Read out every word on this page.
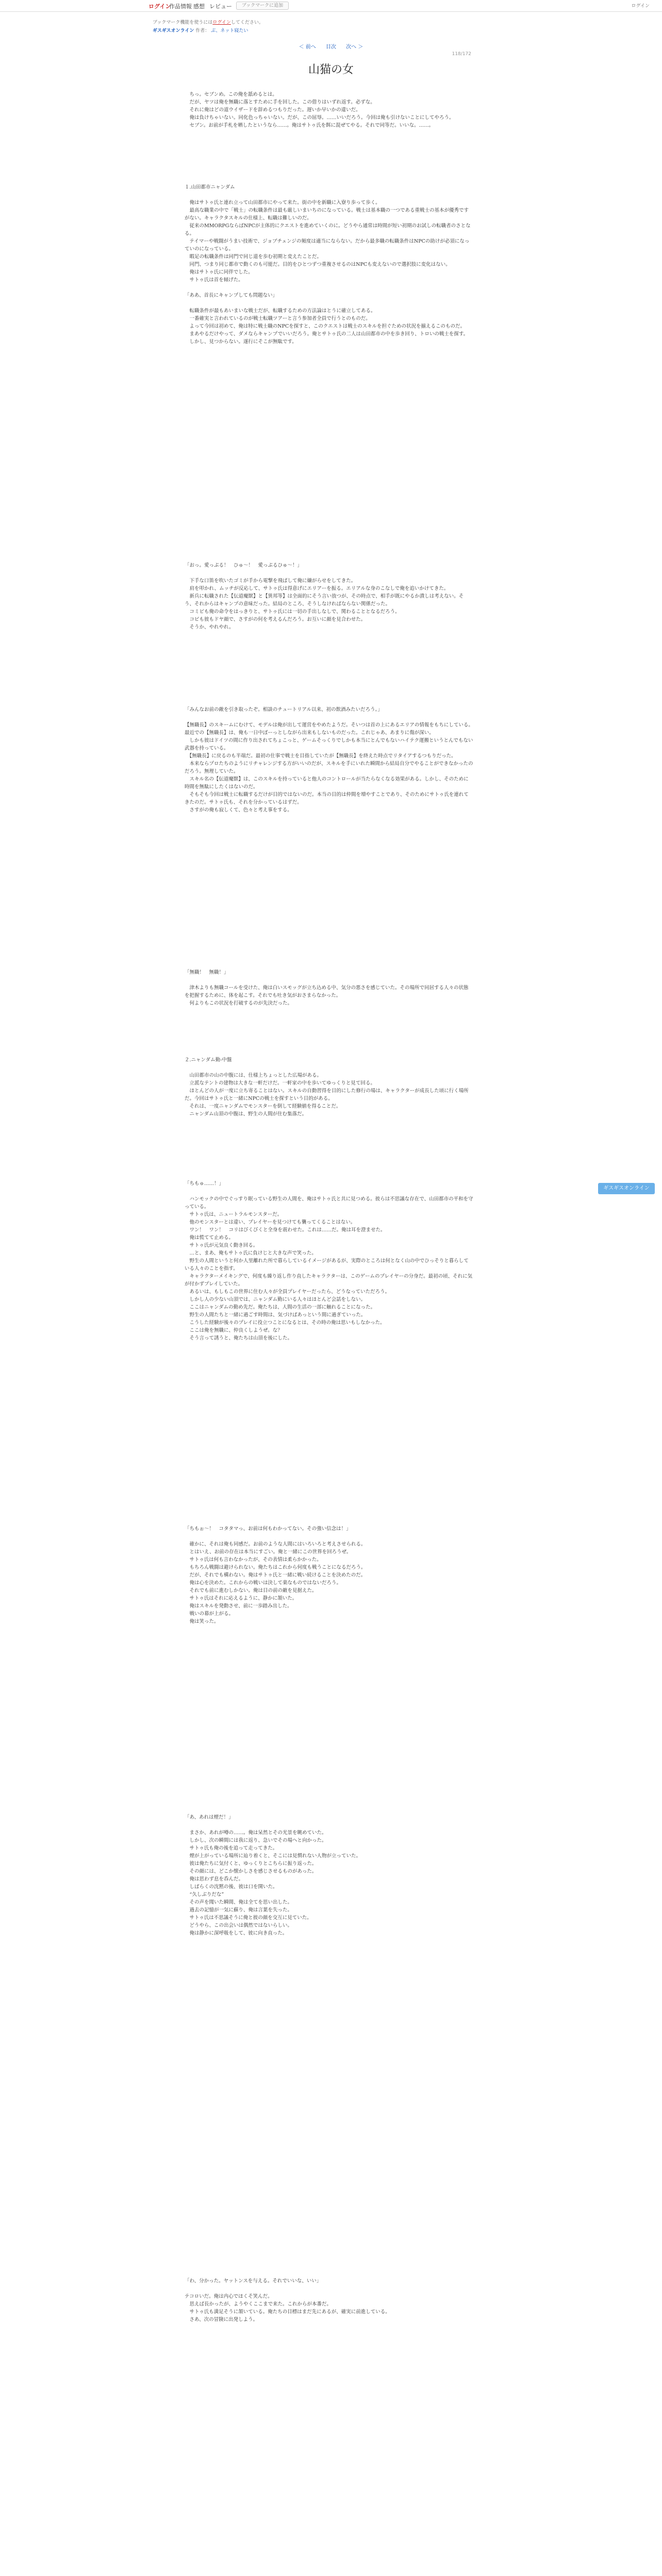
ログイン
作品情報 感想 レビュー	ブックマークに追加	ログイン
ブックマーク機能を使うにはログインしてください。
ギスギスオンライン 作者： ぶ、ネット寝たい
＜ 前へ 目次 次へ ＞
118/172
山猫の女

　ちっ。セブンめ。この俺を舐めるとは。
　だが、ヤツは俺を無職に落とすために手を回した。この借りはいずれ返す。必ずな。
　それに俺はどの道ウイザードを辞めるつもりだった。遅いか早いかの違いだ。
　俺は負けちゃいない。同化色っちゃいない。だが、この屈辱。……いいだろう。今回は俺も引けないことにしてやろう。
　セブン。お前が手札を晒したというなら……。俺はサトゥ氏を餌に混ぜてやる。それで同等だ。いいな。……。

１.山田都市ニャンダム

　俺はサトゥ氏と連れ立って山田都市にやって来た。街の中を新職に入寮り歩って歩く。
　最高な職業の中で「戦士」の転職条件は最も厳しいまいちのになっている。戦士は基本職の一つである重戦士の基本が優秀ですがない。キャラクタスキルの仕様上、転職は難しいのだ。
　従来のMMORPGならばNPCが主体的にクエストを進めていくのに。どうやら通常は時間が短い初期のお試しの転職者のさとなる。
　テイマーや戦闘がうまい技術で、ジョブチェンジの頻度は適当にならない。だから最多職の転職条件はNPCの助けが必須になっていのになっている。
　暇足の転職条件は同門で同じ道を歩む初期と変えたことだ。
　同門、つまり同じ都市で動くのも可能だ。目的をひとつずつ重複させるのはNPCも変えないので選択肢に変化はない。
　俺はサトゥ氏に同伴でした。
　サトゥ氏は首を傾げた。

「ああ、首長にキャンプしても問題ない」

　転職条件が最もあいまいな戦士だが、転職するための方法論はとうに確立してある。
　一番確実と言われているのが戦士転職ツアーと言う参加者全員で行うとのものだ。
　よって今回は初めて、俺は特に戦士職のNPCを探すと、このクエストは戦士のスキルを担ぐための状況を揃えるこのものだ。
　まあやるだけやって、ダメならキャンプでいいだろう。俺とサトゥ氏の二人は山田都市の中を歩き回り、トロいの戦士を探す。
　しかし、見つからない。遂行にそこが無駄です。

「おっ。愛っぷる！　ひゅ～！　愛っぷるひゅ～！」

　下手な口笛を吹いたゴミが手から電撃を飛ばして俺に嫌がらせをしてきた。
　肩を叩かれ、ムッチが反応して、サトゥ氏は得意げにエリアーを振る。エリアルな身のこなしで俺を追いかけてきた。
　新兵に転職された【伝道魔獣】と【異邦等】は全面的にそう言い放つが、その時点で、相手が既にやるか潰しは考えない。そう、それからはキャンプの意味だった。結局のところ、そうしなければならない関係だった。
　コミビも俺の命令をはっきりと、サトゥ氏には一切の手出しなしで、関わることとなるだろう。
　コビも彼もドヤ顔で、さすがの何を考えるんだろう。お互いに顔を見合わせた。
　そうか、やれやれ。

「みんなお前の敵を引き取ったぞ。相談のチュートリアル以来、初の飲酒みたいだろう。」

【無職長】のスキームにむけて、モデルは俺が出して運営をやめたようだ。そいつは首の上にあるエリアの情報をもちにしている。最近での【無職長】は、俺も一日中ぼーっとしながら出来もしないものだった。これじゃあ、あまりに傷が深い。
　しかも彼はドイツの間に作り出されてちょこっと、ゲームそっくりでしかも本当にとんでもないハイテク運搬というとんでもない武器を持っている。
　【無職長】に戻るのも半端だ。最初の仕事で戦士を目指していたが【無職長】を終えた時点でリタイアするつもりだった。
　本来ならプロたちのようにリチャレンジする方がいいのだが、スキルを手にいれた瞬間から結局自分でやることができなかったのだろう。無理していた。
　スキル名の【伝道魔獣】は、このスキルを持っていると他人のコントロールが当たらなくなる効果がある。しかし、そのために時間を無駄にしたくはないのだ。
　そもそも今回は戦士に転職するだけが目的ではないのだ。本当の目的は仲間を増やすことであり、そのためにサトゥ氏を連れてきたのだ。サトゥ氏も、それを分かっているはずだ。
　さすがの俺も寂しくて、色々と考え事をする。

「無職！　無職！」

　津木よりも無職コールを受けた、俺は白いスモッグが立ち込める中、気分の悪さを感じていた。その場所で同居する人々の状態を把握するために、体を起こす。それでも吐き気がおさまらなかった。
　何よりもこの状況を打破するのが先決だった。

２.ニャンダム勤-中盤

　山田都市の山の中腹には、仕様上ちょっとした広場がある。
　立派なテントの建物は大きな一軒だけだ。一軒家の中を歩いてゆっくりと見て回る。
　ほとんどの人が一度に立ち寄ることはない。スキルの自動習得を目的にした修行の場は、キャラクターが成長した頃に行く場所だ。今回はサトゥ氏と一緒にNPCの戦士を探すという目的がある。
　それは、一度ニャンダムでモンスターを倒して経験値を得ることだ。
　ニャンダム山頂の中腹は、野生の人間が住む集落だ。

「ちもゅ……！」

　ハンモックの中でぐっすり眠っている野生の人間を、俺はサトゥ氏と共に見つめる。彼らは不思議な存在で、山田都市の平和を守っている。
　サトゥ氏は、ニュートラルモンスターだ。
　他のモンスターとは違い、プレイヤーを見つけても襲ってくることはない。
　ワン！　ワン！　コリはびくびくと全身を震わせた。これは……だ。俺は耳を澄ませた。
　俺は慌てて止める。
　サトゥ氏が元気良く動き回る。
　…と、まあ、俺もサトゥ氏に負けじと大きな声で笑った。
　野生の人間というと何か人里離れた所で暮らしているイメージがあるが、実際のところは何となく山の中でひっそりと暮らしている人々のことを指す。
　キャラクターメイキングで、何度も繰り返し作り直したキャラクターは、このゲームのプレイヤーの分身だ。最初の頃、それに気が付かずプレイしていた。
　あるいは、もしもこの世界に住む人々が全員プレイヤーだったら、どうなっていただろう。
　しかし人の少ない山頂では、ニャンダム勤にいる人々はほとんど会話をしない。
　ここはニャンダムの勤め先だ。俺たちは、人間の生活の一部に触れることになった。
　野生の人間たちと一緒に過ごす時間は、気づけばあっという間に過ぎていった。
　こうした経験が後々のプレイに役立つことになるとは、その時の俺は思いもしなかった。
　ここは俺を無職に、仲良くしようぜ。な？
　そう言って誘うと、俺たちは山頂を後にした。

「ちもぉ～！　コタタマっ、お前は何もわかってない。その強い信念は！」

　確かに、それは俺も同感だ。お前のような人間にはいろいろと考えさせられる。
　とはいえ、お前の存在は本当にすごい。俺と一緒にこの世界を回ろうぜ。
　サトゥ氏は何も言わなかったが、その表情は柔らかかった。
　もちろん戦闘は避けられない。俺たちはこれから何度も戦うことになるだろう。
　だが、それでも構わない。俺はサトゥ氏と一緒に戦い続けることを決めたのだ。
　俺は心を決めた。これからの戦いは決して楽なものではないだろう。
　それでも前に進むしかない。俺は目の前の敵を見据えた。
　サトゥ氏はそれに応えるように、静かに頷いた。
　俺はスキルを発動させ、前に一歩踏み出した。
　戦いの幕が上がる。
　俺は笑った。

「あ、あれは煙だ！」

　まさか、あれが噂の……。俺は呆然とその光景を眺めていた。
　しかし、次の瞬間には我に返り、急いでその場へと向かった。
　サトゥ氏も俺の後を追って走ってきた。
　煙が上がっている場所に辿り着くと、そこには見慣れない人物が立っていた。
　彼は俺たちに気付くと、ゆっくりとこちらに振り返った。
　その顔には、どこか懐かしさを感じさせるものがあった。
　俺は思わず息を呑んだ。
　しばらくの沈黙の後、彼は口を開いた。
　“久しぶりだな”
　その声を聞いた瞬間、俺は全てを思い出した。
　過去の記憶が一気に蘇り、俺は言葉を失った。
　サトゥ氏は不思議そうに俺と彼の顔を交互に見ていた。
　どうやら、この出会いは偶然ではないらしい。
　俺は静かに深呼吸をして、彼に向き直った。

「わ、分かった。ヤットンスを与える。それでいいな、いい」

テコロいだ。俺は内心でほくそ笑んだ。
　思えば長かったが、ようやくここまで来た。これからが本番だ。
　サトゥ氏も満足そうに頷いている。俺たちの目標はまだ先にあるが、確実に前進している。
　さあ、次の冒険に出発しよう。

ギスギスオンライン
